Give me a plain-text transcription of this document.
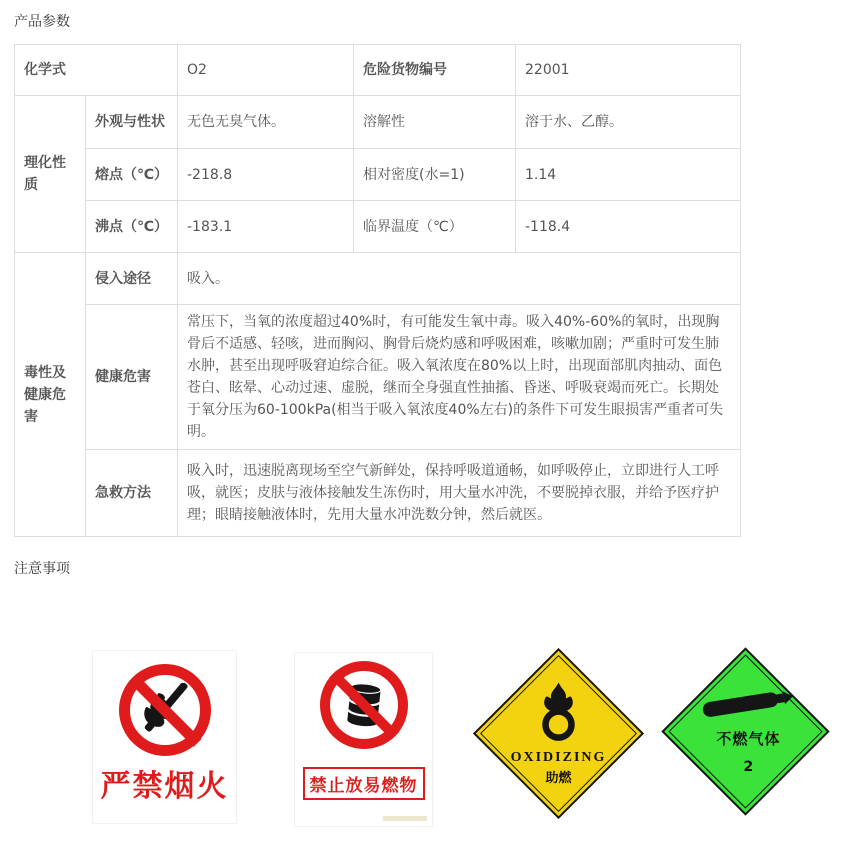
产品参数
化学式		O2	危险货物编号	22001
理化性质	外观与性状	无色无臭气体。	溶解性	溶于水、乙醇。
	熔点（℃）	-218.8	相对密度(水=1)	1.14
	沸点（℃）	-183.1	临界温度（℃）	-118.4
毒性及健康危害	侵入途径	吸入。		
	健康危害	常压下，当氧的浓度超过40%时，有可能发生氧中毒。吸入40%-60%的氧时，出现胸骨后不适感、轻咳，进而胸闷、胸骨后烧灼感和呼吸困难，咳嗽加剧；严重时可发生肺水肿，甚至出现呼吸窘迫综合征。吸入氧浓度在80%以上时，出现面部肌肉抽动、面色苍白、眩晕、心动过速、虚脱，继而全身强直性抽搐、昏迷、呼吸衰竭而死亡。长期处于氧分压为60-100kPa(相当于吸入氧浓度40%左右)的条件下可发生眼损害严重者可失明。		
	急救方法	吸入时，迅速脱离现场至空气新鲜处，保持呼吸道通畅，如呼吸停止，立即进行人工呼吸，就医；皮肤与液体接触发生冻伤时，用大量水冲洗，不要脱掉衣服，并给予医疗护理；眼睛接触液体时，先用大量水冲洗数分钟，然后就医。		
注意事项
严禁烟火	禁止放易燃物
OXIDIZING
助燃
不燃气体
2
